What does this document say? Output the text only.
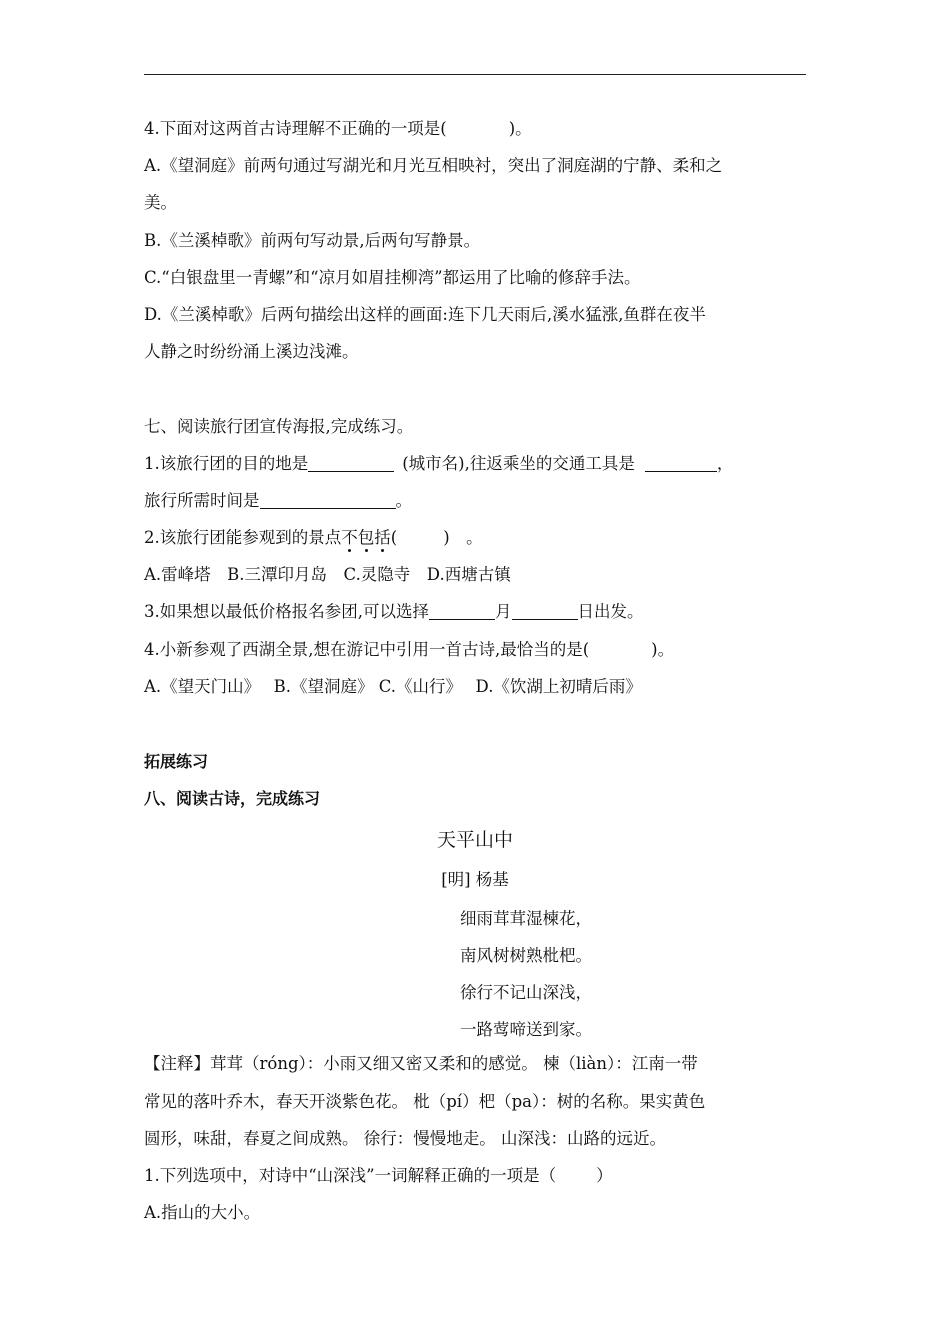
4.下面对这两首古诗理解不正确的一项是(	)。
A.《望洞庭》前两句通过写湖光和月光互相映衬，突出了洞庭湖的宁静、柔和之
美。
B.《兰溪棹歌》前两句写动景,后两句写静景。
C.“白银盘里一青螺”和“凉月如眉挂柳湾”都运用了比喻的修辞手法。
D.《兰溪棹歌》后两句描绘出这样的画面:连下几天雨后,溪水猛涨,鱼群在夜半
人静之时纷纷涌上溪边浅滩。
七、阅读旅行团宣传海报,完成练习。
1.该旅行团的目的地是	(城市名),往返乘坐的交通工具是	，
旅行所需时间是	。
2.该旅行团能参观到的景点不包括(	)　。
A.雷峰塔　B.三潭印月岛　C.灵隐寺　D.西塘古镇
3.如果想以最低价格报名参团,可以选择	月	日出发。
4.小新参观了西湖全景,想在游记中引用一首古诗,最恰当的是(	)。
A.《望天门山》　 B.《望洞庭》 C.《山行》　 D.《饮湖上初晴后雨》
拓展练习
八、阅读古诗，完成练习
天平山中
[明] 杨基
细雨茸茸湿楝花，
南风树树熟枇杷。
徐行不记山深浅，
一路莺啼送到家。
【注释】茸茸（róng）：小雨又细又密又柔和的感觉。 楝（liàn）：江南一带
常见的落叶乔木，春天开淡紫色花。 枇（pí）杷（pa）：树的名称。果实黄色
圆形，味甜，春夏之间成熟。 徐行：慢慢地走。 山深浅：山路的远近。
1.下列选项中，对诗中“山深浅”一词解释正确的一项是（ ）
A.指山的大小。
